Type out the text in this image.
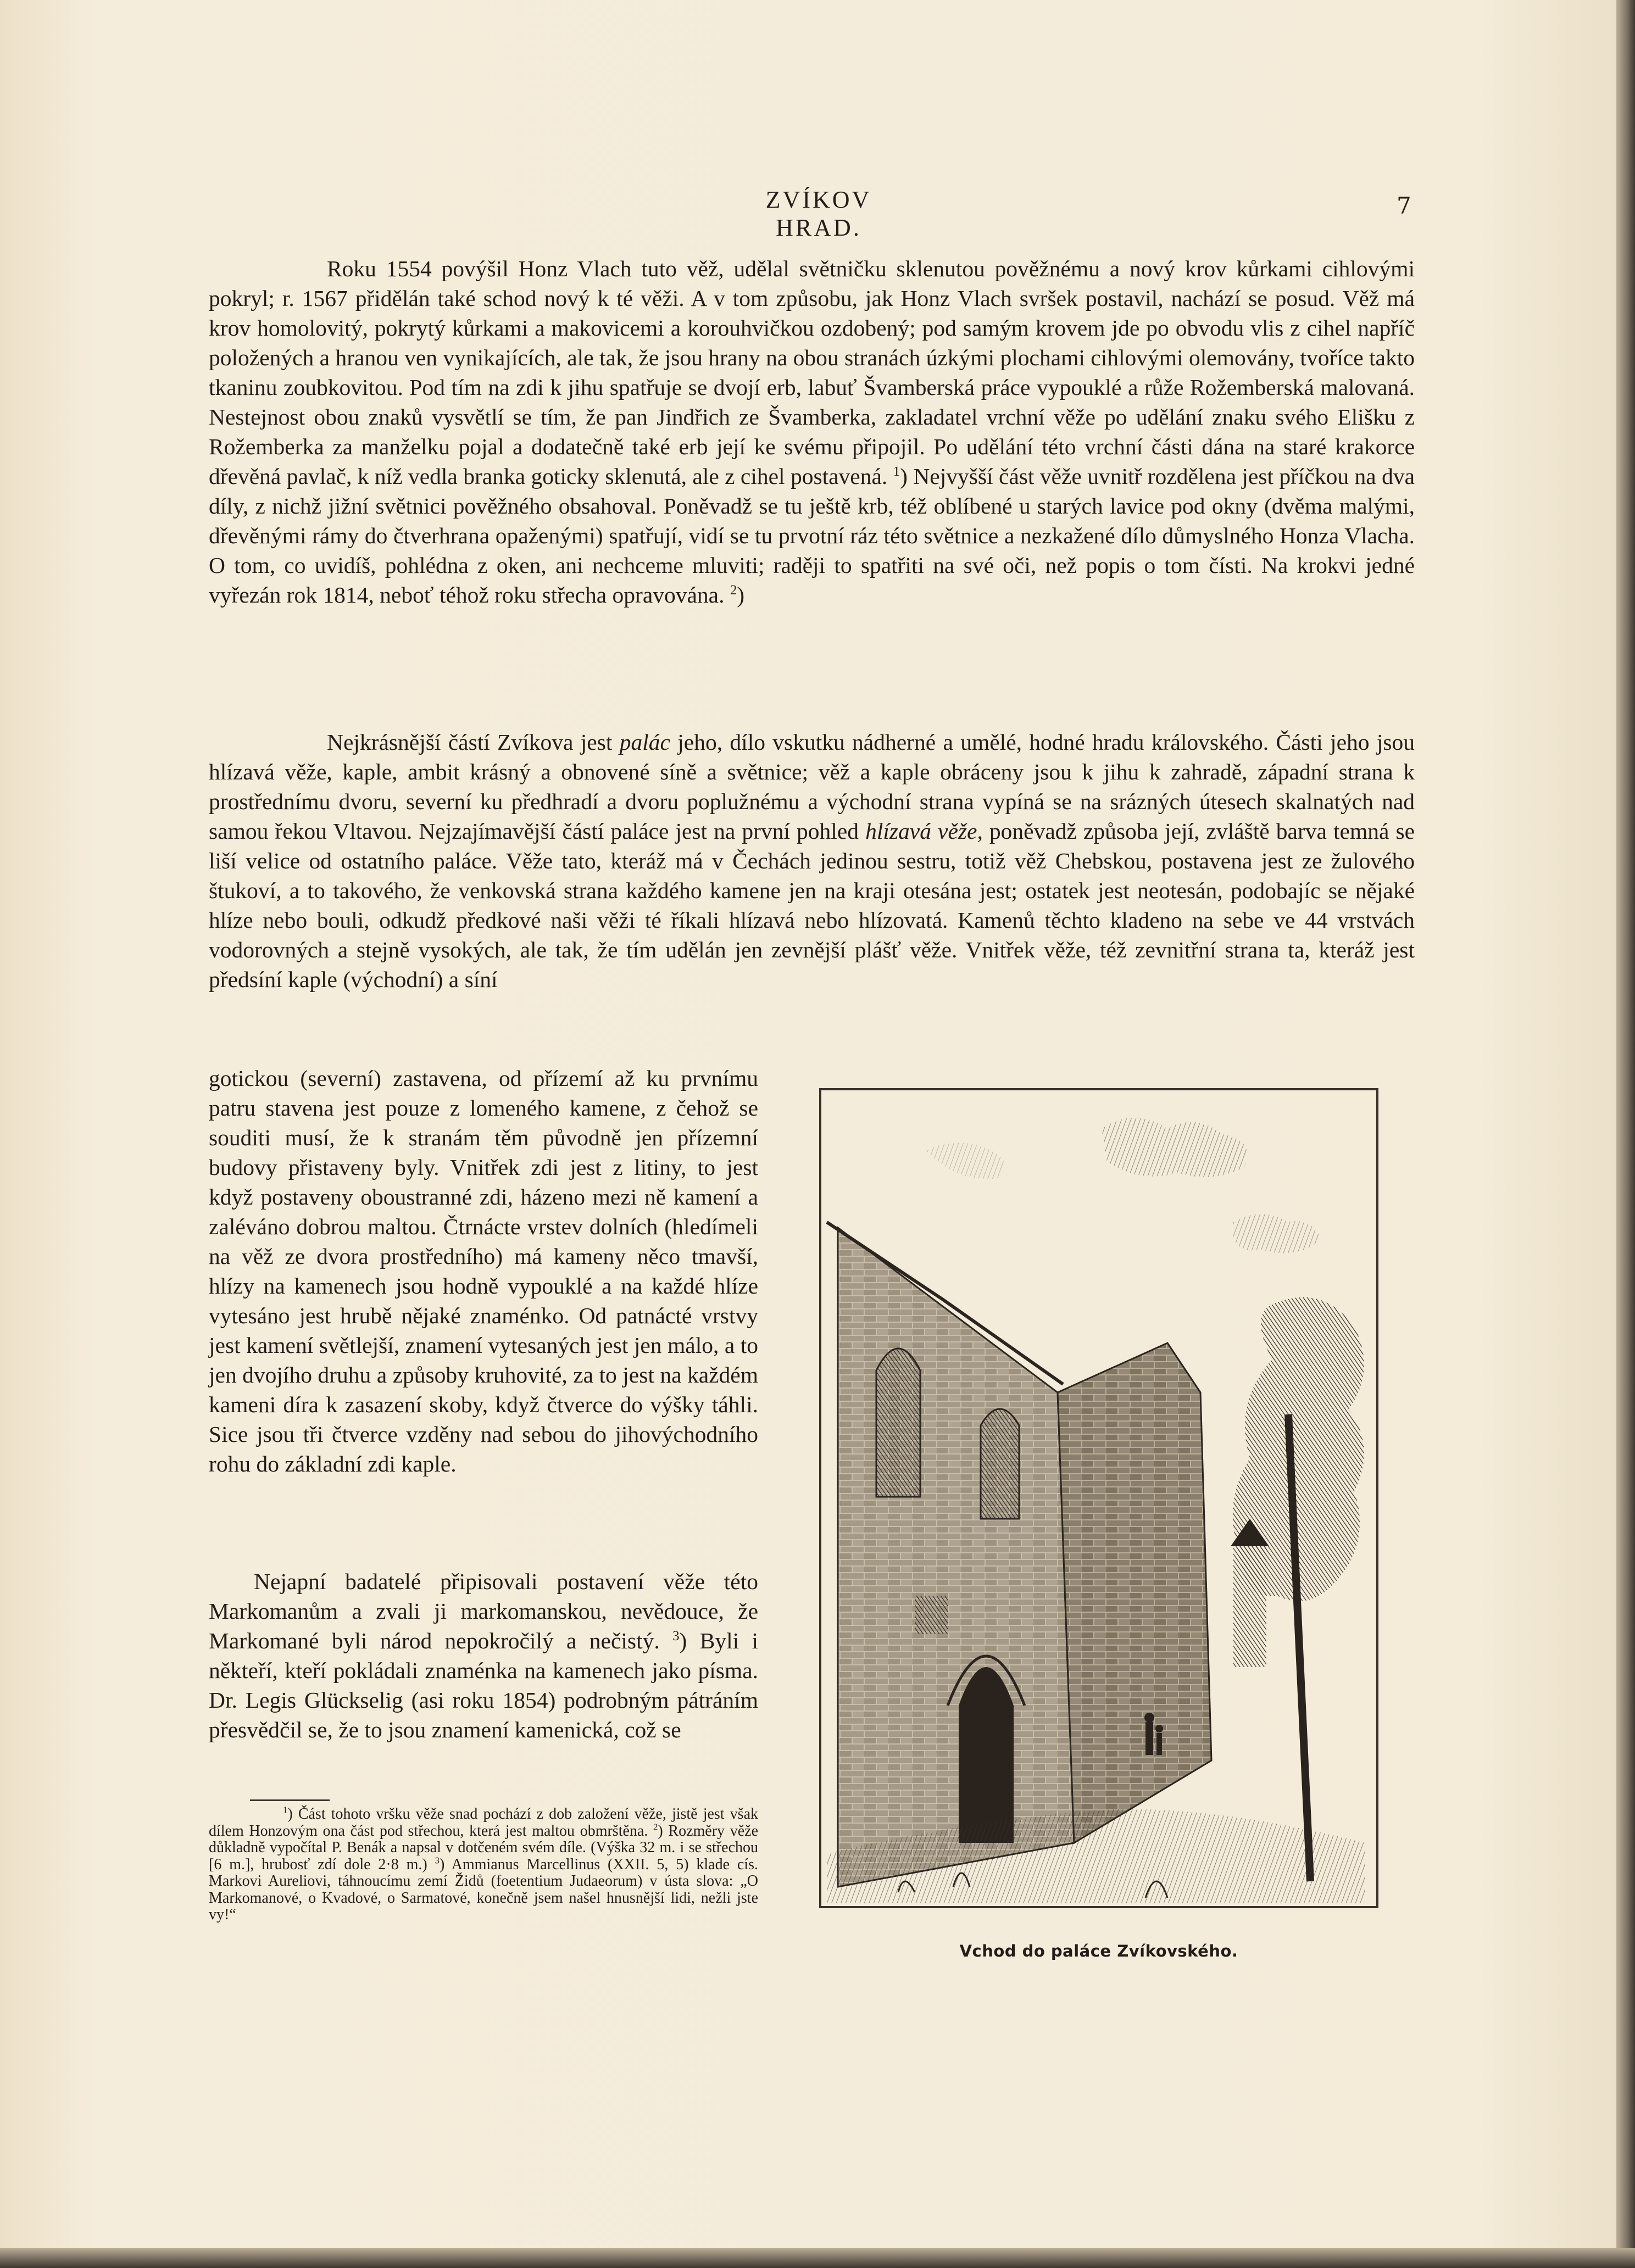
ZVÍKOV HRAD.
7

Roku 1554 povýšil Honz Vlach tuto věž, udělal světničku sklenutou pověžnému a nový krov kůrkami cihlovými pokryl; r. 1567 přidělán také schod nový k té věži. A v tom způsobu, jak Honz Vlach svršek postavil, nachází se posud. Věž má krov homolovitý, pokrytý kůrkami a makovicemi a korouhvičkou ozdobený; pod samým krovem jde po obvodu vlis z cihel napříč položených a hranou ven vynikajících, ale tak, že jsou hrany na obou stranách úzkými plochami cihlovými olemovány, tvoříce takto tkaninu zoubkovitou. Pod tím na zdi k jihu spatřuje se dvojí erb, labuť Švamberská práce vypouklé a růže Rožemberská malovaná. Nestejnost obou znaků vysvětlí se tím, že pan Jindřich ze Švamberka, zakladatel vrchní věže po udělání znaku svého Elišku z Rožemberka za manželku pojal a dodatečně také erb její ke svému připojil. Po udělání této vrchní části dána na staré krakorce dřevěná pavlač, k níž vedla branka goticky sklenutá, ale z cihel postavená. $^1$) Nejvyšší část věže uvnitř rozdělena jest příčkou na dva díly, z nichž jižní světnici pověžného obsahoval. Poněvadž se tu ještě krb, též oblíbené u starých lavice pod okny (dvěma malými, dřevěnými rámy do čtverhrana opaženými) spatřují, vidí se tu prvotní ráz této světnice a nezkažené dílo důmyslného Honza Vlacha. O tom, co uvidíš, pohlédna z oken, ani nechceme mluviti; raději to spatřiti na své oči, než popis o tom čísti. Na krokvi jedné vyřezán rok 1814, neboť téhož roku střecha opravována. $^2$)

Nejkrásnější částí Zvíkova jest palác jeho, dílo vskutku nádherné a umělé, hodné hradu královského. Části jeho jsou hlízavá věže, kaple, ambit krásný a obnovené síně a světnice; věž a kaple obráceny jsou k jihu k zahradě, západní strana k prostřednímu dvoru, severní ku předhradí a dvoru poplužnému a východní strana vypíná se na srázných útesech skalnatých nad samou řekou Vltavou. Nejzajímavější částí paláce jest na první pohled hlízavá věže, poněvadž způsoba její, zvláště barva temná se liší velice od ostatního paláce. Věže tato, kteráž má v Čechách jedinou sestru, totiž věž Chebskou, postavena jest ze žulového štukoví, a to takového, že venkovská strana každého kamene jen na kraji otesána jest; ostatek jest neotesán, podobajíc se nějaké hlíze nebo bouli, odkudž předkové naši věži té říkali hlízavá nebo hlízovatá. Kamenů těchto kladeno na sebe ve 44 vrstvách vodorovných a stejně vysokých, ale tak, že tím udělán jen zevnější plášť věže. Vnitřek věže, též zevnitřní strana ta, kteráž jest předsíní kaple (východní) a síní

gotickou (severní) zastavena, od přízemí až ku prvnímu patru stavena jest pouze z lomeného kamene, z čehož se souditi musí, že k stranám těm původně jen přízemní budovy přistaveny byly. Vnitřek zdi jest z litiny, to jest když postaveny oboustranné zdi, házeno mezi ně kamení a zaléváno dobrou maltou. Čtrnácte vrstev dolních (hledímeli na věž ze dvora prostředního) má kameny něco tmavší, hlízy na kamenech jsou hodně vypouklé a na každé hlíze vytesáno jest hrubě nějaké znaménko. Od patnácté vrstvy jest kamení světlejší, znamení vytesaných jest jen málo, a to jen dvojího druhu a způsoby kruhovité, za to jest na každém kameni díra k zasazení skoby, když čtverce do výšky táhli. Sice jsou tři čtverce vzděny nad sebou do jihovýchodního rohu do základní zdi kaple.

Nejapní badatelé připisovali postavení věže této Markomanům a zvali ji markomanskou, nevědouce, že Markomané byli národ nepokročilý a nečistý. $^3$) Byli i někteří, kteří pokládali znaménka na kamenech jako písma. Dr. Legis Glückselig (asi roku 1854) podrobným pátráním přesvědčil se, že to jsou znamení kamenická, což se

$^1$) Část tohoto vršku věže snad pochází z dob založení věže, jistě jest však dílem Honzovým ona část pod střechou, která jest maltou obmrštěna. $^2$) Rozměry věže důkladně vypočítal P. Benák a napsal v dotčeném svém díle. (Výška 32 m. i se střechou [6 m.], hrubosť zdí dole 2·8 m.) $^3$) Ammianus Marcellinus (XXII. 5, 5) klade cís. Markovi Aureliovi, táhnoucímu zemí Židů (foetentium Judaeorum) v ústa slova: „O Markomanové, o Kvadové, o Sarmatové, konečně jsem našel hnusnější lidi, nežli jste vy!“

Vchod do paláce Zvíkovského.
